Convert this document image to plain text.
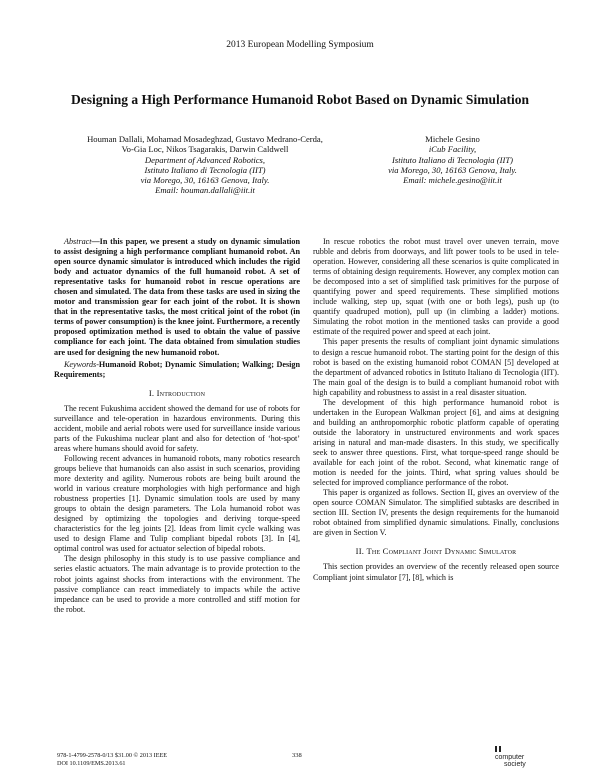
2013 European Modelling Symposium
Designing a High Performance Humanoid Robot Based on Dynamic Simulation
Houman Dallali, Mohamad Mosadeghzad, Gustavo Medrano-Cerda,
Vo-Gia Loc, Nikos Tsagarakis, Darwin Caldwell
Department of Advanced Robotics,
Istituto Italiano di Tecnologia (IIT)
via Morego, 30, 16163 Genova, Italy.
Email: houman.dallali@iit.it
Michele Gesino
iCub Facility,
Istituto Italiano di Tecnologia (IIT)
via Morego, 30, 16163 Genova, Italy.
Email: michele.gesino@iit.it

Abstract—In this paper, we present a study on dynamic simulation to assist designing a high performance compliant humanoid robot. An open source dynamic simulator is introduced which includes the rigid body and actuator dynamics of the full humanoid robot. A set of representative tasks for humanoid robot in rescue operations are chosen and simulated. The data from these tasks are used in sizing the motor and transmission gear for each joint of the robot. It is shown that in the representative tasks, the most critical joint of the robot (in terms of power consumption) is the knee joint. Furthermore, a recently proposed optimization method is used to obtain the value of passive compliance for each joint. The data obtained from simulation studies are used for designing the new humanoid robot.

Keywords-Humanoid Robot; Dynamic Simulation; Walking; Design Requirements;

I. Introduction

The recent Fukushima accident showed the demand for use of robots for surveillance and tele-operation in hazardous environments. During this accident, mobile and aerial robots were used for surveillance inside various parts of the Fukushima nuclear plant and also for detection of ‘hot-spot’ areas where humans should avoid for safety.

Following recent advances in humanoid robots, many robotics research groups believe that humanoids can also assist in such scenarios, providing more dexterity and agility. Numerous robots are being built around the world in various creature morphologies with high performance and high robustness properties [1]. Dynamic simulation tools are used by many groups to obtain the design parameters. The Lola humanoid robot was designed by optimizing the topologies and deriving torque-speed characteristics for the leg joints [2]. Ideas from limit cycle walking was used to design Flame and Tulip compliant bipedal robots [3]. In [4], optimal control was used for actuator selection of bipedal robots.

The design philosophy in this study is to use passive compliance and series elastic actuators. The main advantage is to provide protection to the robot joints against shocks from interactions with the environment. The passive compliance can react immediately to impacts while the active impedance can be used to provide a more controlled and stiff motion for the robot.

In rescue robotics the robot must travel over uneven terrain, move rubble and debris from doorways, and lift power tools to be used in tele-operation. However, considering all these scenarios is quite complicated in terms of obtaining design requirements. However, any complex motion can be decomposed into a set of simplified task primitives for the purpose of quantifying power and speed requirements. These simplified motions include walking, step up, squat (with one or both legs), push up (to quantify quadruped motion), pull up (in climbing a ladder) motions. Simulating the robot motion in the mentioned tasks can provide a good estimate of the required power and speed at each joint.

This paper presents the results of compliant joint dynamic simulations to design a rescue humanoid robot. The starting point for the design of this robot is based on the existing humanoid robot COMAN [5] developed at the department of advanced robotics in Istituto Italiano di Tecnologia (IIT). The main goal of the design is to build a compliant humanoid robot with high capability and robustness to assist in a real disaster situation.

The development of this high performance humanoid robot is undertaken in the European Walkman project [6], and aims at designing and building an anthropomorphic robotic platform capable of operating outside the laboratory in unstructured environments and work spaces arising in natural and man-made disasters. In this study, we specifically seek to answer three questions. First, what torque-speed range should be available for each joint of the robot. Second, what kinematic range of motion is needed for the joints. Third, what spring values should be selected for improved compliance performance of the robot.

This paper is organized as follows. Section II, gives an overview of the open source COMAN Simulator. The simplified subtasks are described in section III. Section IV, presents the design requirements for the humanoid robot obtained from simplified dynamic simulations. Finally, conclusions are given in Section V.

II. The Compliant Joint Dynamic Simulator

This section provides an overview of the recently released open source Compliant joint simulator [7], [8], which is

978-1-4799-2578-0/13 $31.00 © 2013 IEEE
DOI 10.1109/EMS.2013.61
338	computer
society
